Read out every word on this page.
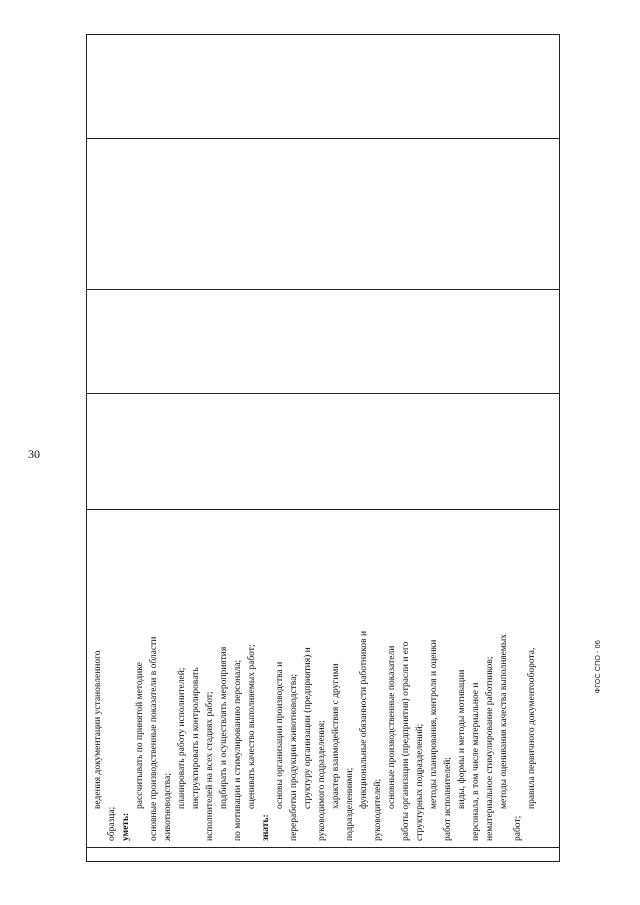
30

ведения документации установленного
образца; уметь:
рассчитывать по принятой методике основные производственные показатели в области животноводства; планировать работу исполнителей; инструктировать и контролировать исполнителей на всех стадиях работ; подбирать и осуществлять мероприятия по мотивации и стимулированию персонала; оценивать качество выполняемых работ;
знать:
основы организации производства и переработки продукции животноводства; структуру организации (предприятия) и руководимого подразделения; характер взаимодействия с другими подразделениями; функциональные обязанности работников и
руководителей;
основные производственные показатели работы организации (предприятия) отрасли и его структурных подразделений; методы планирования, контроля и оценки работ исполнителей; виды, формы и методы мотивации персонала, в том числе материальное и нематериальное стимулирование работников; методы оценивания качества выполняемых
работ;
правила первичного документооборота,
					ФГОС СПО - 06
